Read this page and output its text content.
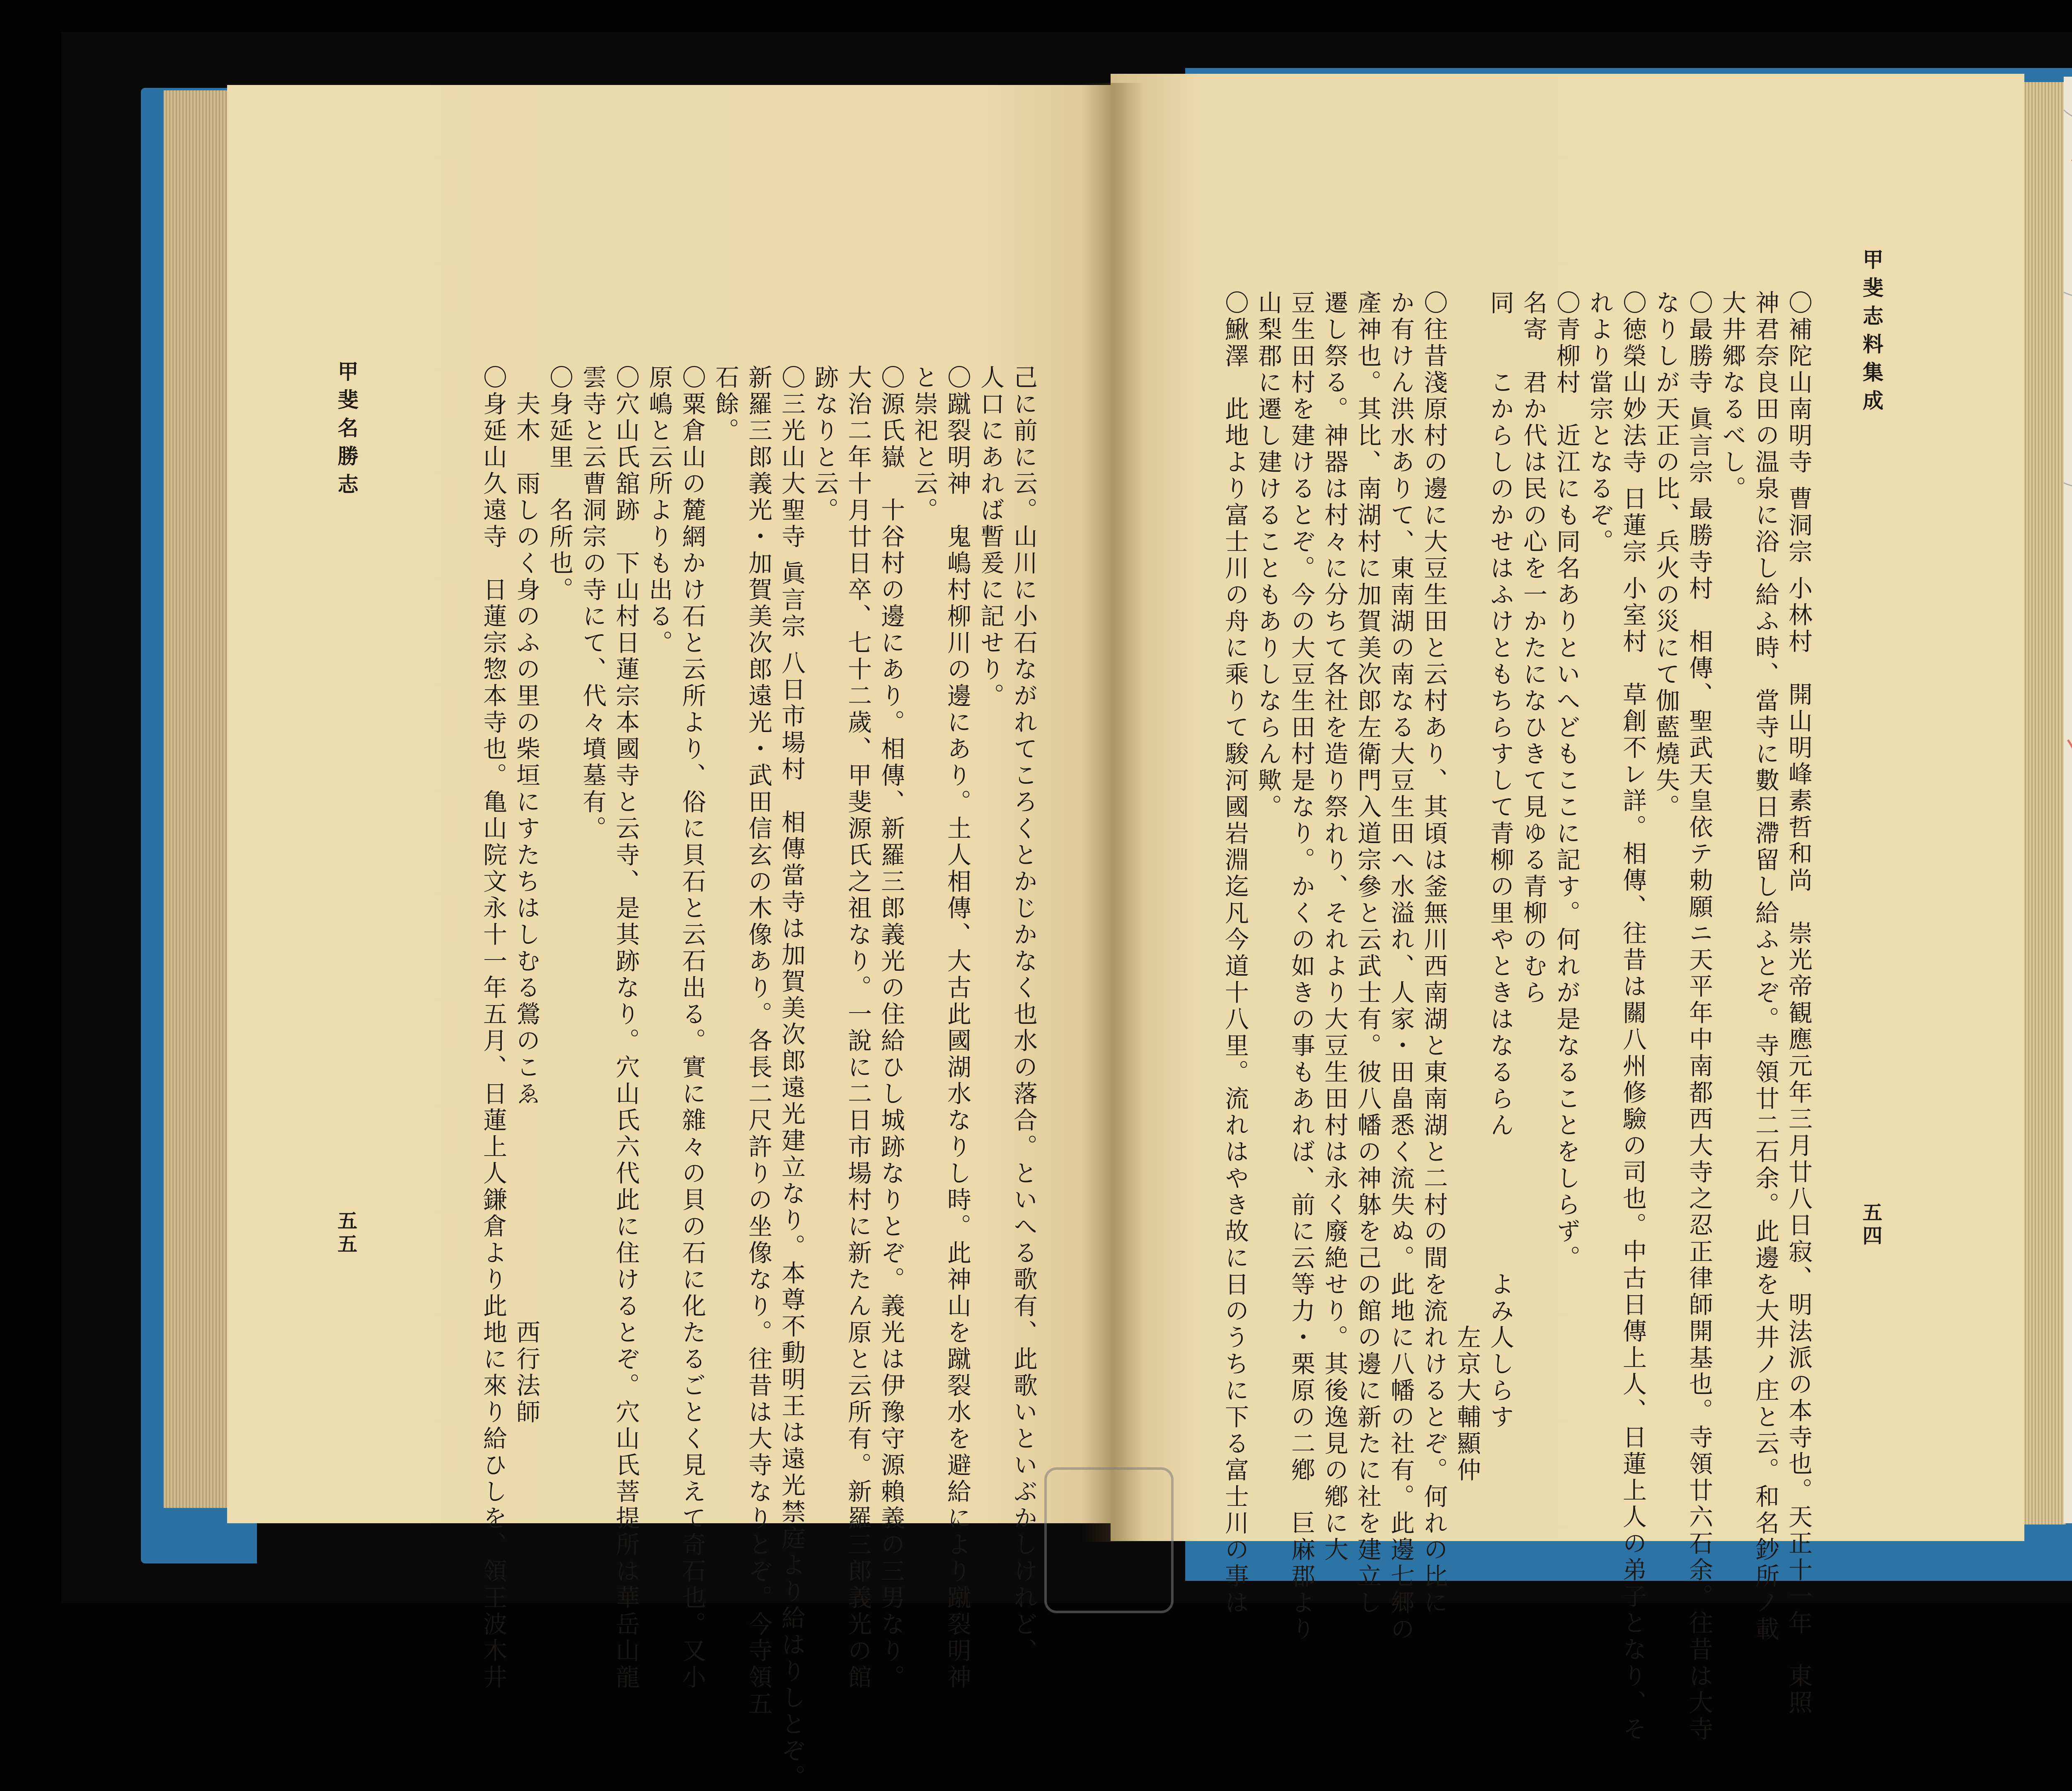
甲斐志料集成
五四
甲斐名勝志
五五	〇補陀山南明寺 曹洞宗 小林村　開山明峰素哲和尚　崇光帝観應元年三月廿八日寂、明法派の本寺也。天正十一年　東照
神君奈良田の温泉に浴し給ふ時、當寺に數日滯留し給ふとぞ。寺領廿二石余。此邊を大井ノ庄と云。和名鈔所ノ載
大井郷なるべし。
〇最勝寺 眞言宗 最勝寺村　相傳、聖武天皇依テ勅願ニ天平年中南都西大寺之忍正律師開基也。寺領廿六石余。往昔は大寺
なりしが天正の比、兵火の災にて伽藍燒失。
〇徳榮山妙法寺 日蓮宗 小室村　草創不レ詳。相傳、往昔は關八州修驗の司也。中古日傳上人、日蓮上人の弟子となり、そ
れより當宗となるぞ。
〇青柳村　近江にも同名ありといへどもここに記す。何れが是なることをしらず。
名寄　君か代は民の心を一かたになひきて見ゆる青柳のむら
同　　こからしのかせはふけともちらすして青柳の里やときはなるらん　　　　　よみ人しらす
　　　　　　　　　　　　　　　　　　　　　　　　　　　　　　　　　　　　　　　左京大輔顯仲
〇往昔淺原村の邊に大豆生田と云村あり、其頃は釜無川西南湖と東南湖と二村の間を流れけるとぞ。何れの比に
か有けん洪水ありて、東南湖の南なる大豆生田へ水溢れ、人家・田畠悉く流失ぬ。此地に八幡の社有。此邊七郷の
產神也。其比、南湖村に加賀美次郎左衛門入道宗參と云武士有。彼八幡の神躰を己の館の邊に新たに社を建立し
遷し祭る。神器は村々に分ちて各社を造り祭れり、それより大豆生田村は永く廢絶せり。其後逸見の鄕に大
豆生田村を建けるとぞ。今の大豆生田村是なり。かくの如きの事もあれば、前に云等力・栗原の二鄕　巨麻郡より
山梨郡に遷し建けることもありしならん歟。
〇鰍澤　此地より富士川の舟に乘りて駿河國岩淵迄凡今道十八里。流れはやき故に日のうちに下る富士川の事は
己に前に云。山川に小石ながれてころくとかじかなく也水の落合。といへる歌有、此歌いといぶかしけれど、
人口にあれば暫爰に記せり。
〇蹴裂明神　鬼嶋村柳川の邊にあり。土人相傳、大古此國湖水なりし時。此神山を蹴裂水を避給により蹴裂明神
と崇祀と云。
〇源氏嶽　十谷村の邊にあり。相傳、新羅三郎義光の住給ひし城跡なりとぞ。義光は伊豫守源賴義の三男なり。
大治二年十月廿日卒、七十二歲、甲斐源氏之祖なり。一說に二日市場村に新たん原と云所有。新羅三郎義光の館
跡なりと云。
〇三光山大聖寺 眞言宗 八日市場村　相傳當寺は加賀美次郎遠光建立なり。本尊不動明王は遠光禁庭より給はりしとぞ。
新羅三郎義光・加賀美次郎遠光・武田信玄の木像あり。各長二尺許りの坐像なり。往昔は大寺なりとぞ。今寺領五
石餘。
〇粟倉山の麓網かけ石と云所より、俗に貝石と云石出る。實に雜々の貝の石に化たるごとく見えて奇石也。又小
原嶋と云所よりも出る。
〇穴山氏舘跡　下山村日蓮宗本國寺と云寺、是其跡なり。穴山氏六代此に住けるとぞ。穴山氏菩提所は華岳山龍
雲寺と云曹洞宗の寺にて、代々墳墓有。
〇身延里　名所也。
　夫木　雨しのく身のふの里の柴垣にすたちはしむる鶯のこゑ　　　　　　　　西行法師
〇身延山久遠寺　日蓮宗惣本寺也。亀山院文永十一年五月、日蓮上人鎌倉より此地に來り給ひしを、領王波木井
